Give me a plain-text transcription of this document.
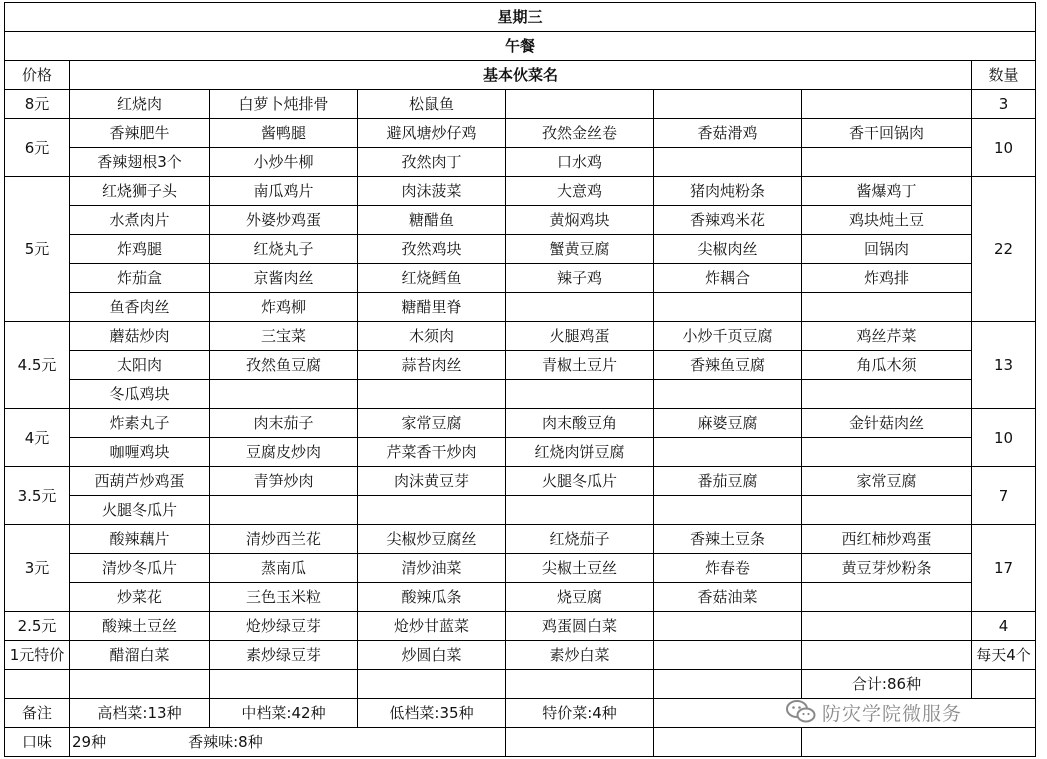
星期三							
午餐							
价格	基本伙菜名						数量
8元	红烧肉	白萝卜炖排骨	松鼠鱼				3
6元	香辣肥牛	酱鸭腿	避风塘炒仔鸡	孜然金丝卷	香菇滑鸡	香干回锅肉	10
	香辣翅根3个	小炒牛柳	孜然肉丁	口水鸡			
5元	红烧狮子头	南瓜鸡片	肉沫菠菜	大意鸡	猪肉炖粉条	酱爆鸡丁	22
	水煮肉片	外婆炒鸡蛋	糖醋鱼	黄焖鸡块	香辣鸡米花	鸡块炖土豆	
	炸鸡腿	红烧丸子	孜然鸡块	蟹黄豆腐	尖椒肉丝	回锅肉	
	炸茄盒	京酱肉丝	红烧鳕鱼	辣子鸡	炸耦合	炸鸡排	
	鱼香肉丝	炸鸡柳	糖醋里脊				
4.5元	蘑菇炒肉	三宝菜	木须肉	火腿鸡蛋	小炒千页豆腐	鸡丝芹菜	13
	太阳肉	孜然鱼豆腐	蒜苔肉丝	青椒土豆片	香辣鱼豆腐	角瓜木须	
	冬瓜鸡块						
4元	炸素丸子	肉末茄子	家常豆腐	肉末酸豆角	麻婆豆腐	金针菇肉丝	10
	咖喱鸡块	豆腐皮炒肉	芹菜香干炒肉	红烧肉饼豆腐			
3.5元	西葫芦炒鸡蛋	青笋炒肉	肉沫黄豆芽	火腿冬瓜片	番茄豆腐	家常豆腐	7
	火腿冬瓜片						
3元	酸辣藕片	清炒西兰花	尖椒炒豆腐丝	红烧茄子	香辣土豆条	西红柿炒鸡蛋	17
	清炒冬瓜片	蒸南瓜	清炒油菜	尖椒土豆丝	炸春卷	黄豆芽炒粉条	
	炒菜花	三色玉米粒	酸辣瓜条	烧豆腐	香菇油菜		
2.5元	酸辣土豆丝	炝炒绿豆芽	炝炒甘蓝菜	鸡蛋圆白菜			4
1元特价	醋溜白菜	素炒绿豆芽	炒圆白菜	素炒白菜			每天4个
						合计:86种	
备注	高档菜:13种	中档菜:42种	低档菜:35种	特价菜:4种			
口味	29种 香辣味:8种						
防灾学院微服务
